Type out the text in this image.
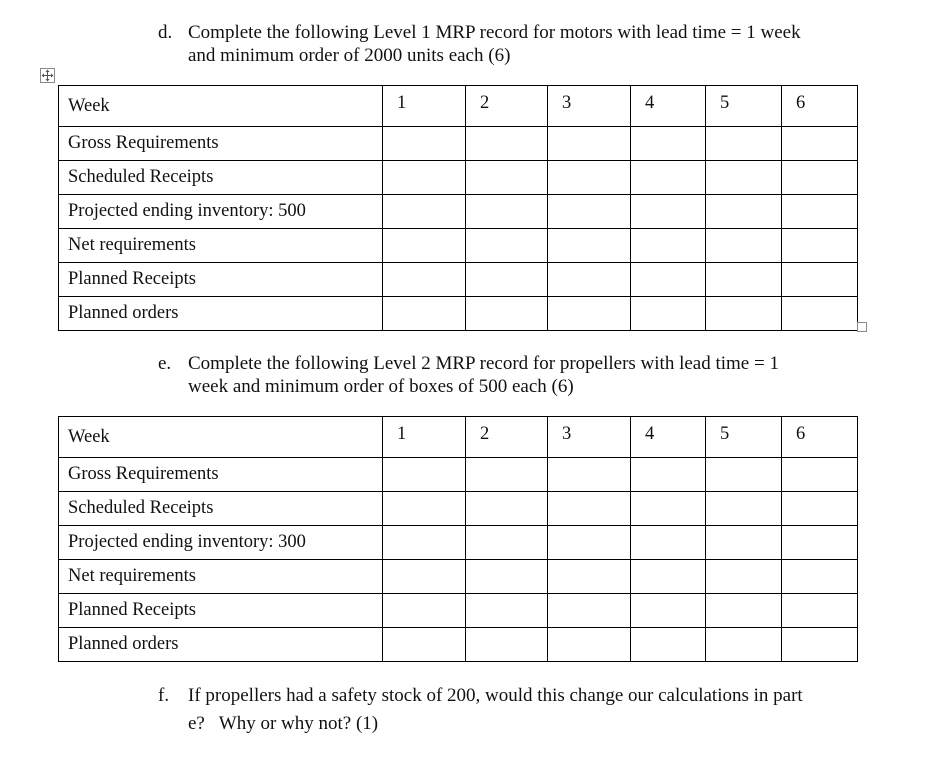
d. Complete the following Level 1 MRP record for motors with lead time = 1 week
and minimum order of 2000 units each (6)
Week	1	2	3	4	5	6
Gross Requirements						
Scheduled Receipts						
Projected ending inventory: 500						
Net requirements						
Planned Receipts						
Planned orders						
e. Complete the following Level 2 MRP record for propellers with lead time = 1
week and minimum order of boxes of 500 each (6)
Week	1	2	3	4	5	6
Gross Requirements						
Scheduled Receipts						
Projected ending inventory: 300						
Net requirements						
Planned Receipts						
Planned orders						
f. If propellers had a safety stock of 200, would this change our calculations in part
e?   Why or why not? (1)
